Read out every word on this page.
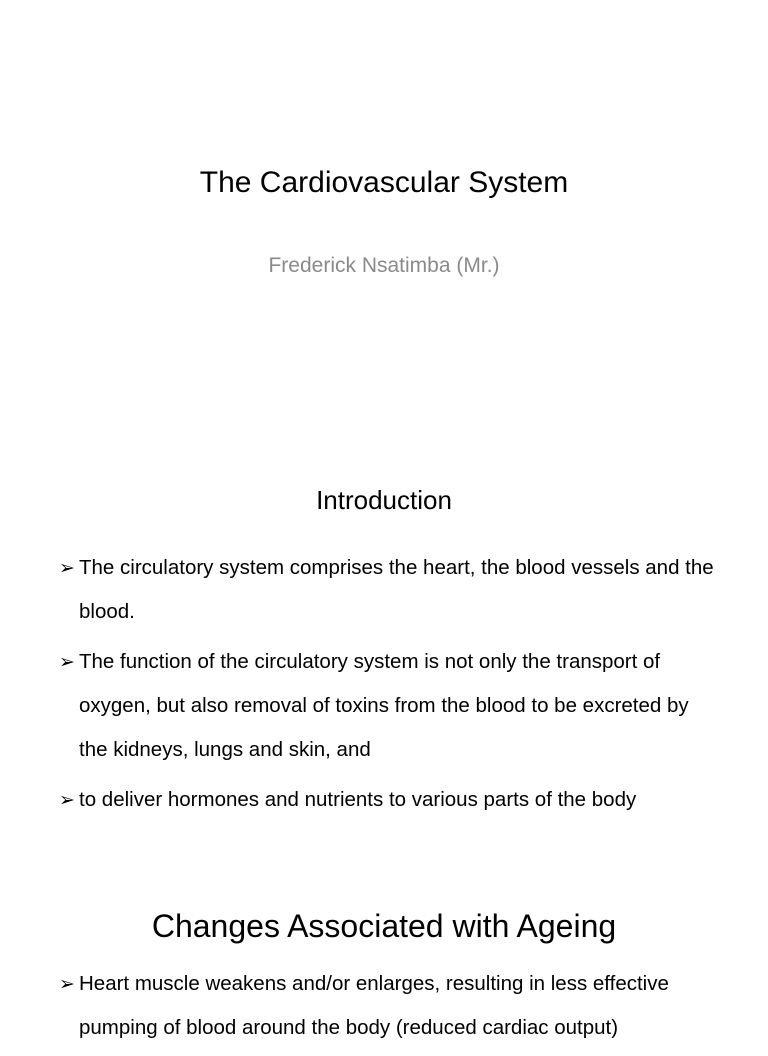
The Cardiovascular System
Frederick Nsatimba (Mr.)
Introduction
➢ The circulatory system comprises the heart, the blood vessels and the blood.
➢ The function of the circulatory system is not only the transport of oxygen, but also removal of toxins from the blood to be excreted by the kidneys, lungs and skin, and
➢ to deliver hormones and nutrients to various parts of the body
Changes Associated with Ageing
➢ Heart muscle weakens and/or enlarges, resulting in less effective pumping of blood around the body (reduced cardiac output)
